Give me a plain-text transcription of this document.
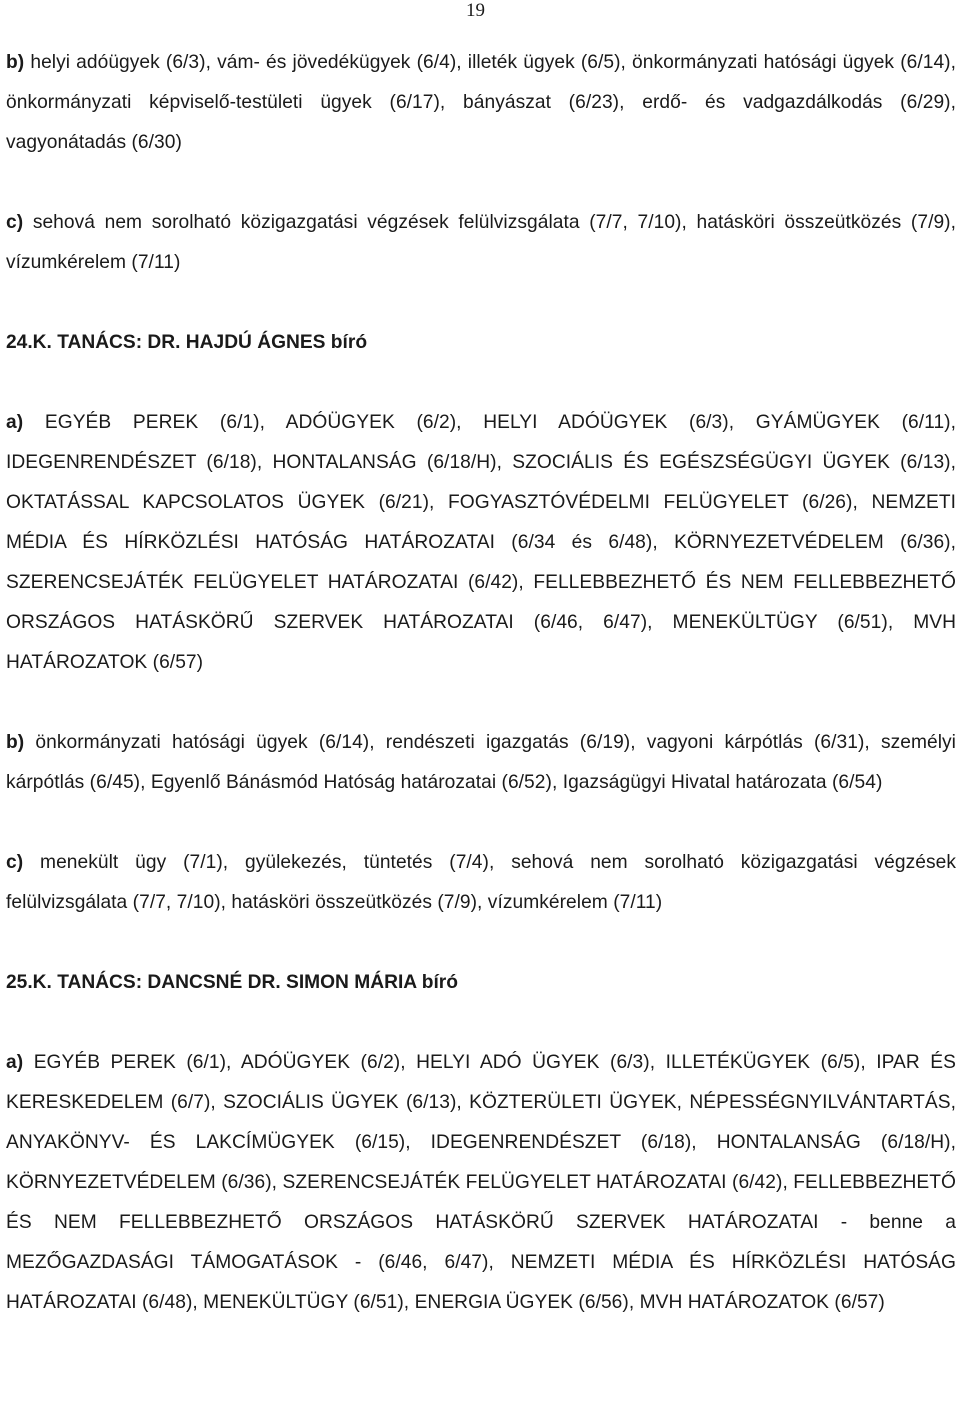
19

b) helyi adóügyek (6/3), vám- és jövedékügyek (6/4), illeték ügyek (6/5), önkormányzati hatósági ügyek (6/14), önkormányzati képviselő-testületi ügyek (6/17), bányászat (6/23), erdő- és vadgazdálkodás (6/29), vagyonátadás (6/30)

c) sehová nem sorolható közigazgatási végzések felülvizsgálata (7/7, 7/10), hatásköri összeütközés (7/9), vízumkérelem (7/11)

24.K. TANÁCS: DR. HAJDÚ ÁGNES bíró

a) EGYÉB PEREK (6/1), ADÓÜGYEK (6/2), HELYI ADÓÜGYEK (6/3), GYÁMÜGYEK (6/11), IDEGENRENDÉSZET (6/18), HONTALANSÁG (6/18/H), SZOCIÁLIS ÉS EGÉSZSÉGÜGYI ÜGYEK (6/13), OKTATÁSSAL KAPCSOLATOS ÜGYEK (6/21), FOGYASZTÓVÉDELMI FELÜGYELET (6/26), NEMZETI MÉDIA ÉS HÍRKÖZLÉSI HATÓSÁG HATÁROZATAI (6/34 és 6/48), KÖRNYEZETVÉDELEM (6/36), SZERENCSEJÁTÉK FELÜGYELET HATÁROZATAI (6/42), FELLEBBEZHETŐ ÉS NEM FELLEBBEZHETŐ ORSZÁGOS HATÁSKÖRŰ SZERVEK HATÁROZATAI (6/46, 6/47), MENEKÜLTÜGY (6/51), MVH HATÁROZATOK (6/57)

b) önkormányzati hatósági ügyek (6/14), rendészeti igazgatás (6/19), vagyoni kárpótlás (6/31), személyi kárpótlás (6/45), Egyenlő Bánásmód Hatóság határozatai (6/52), Igazságügyi Hivatal határozata (6/54)

c) menekült ügy (7/1), gyülekezés, tüntetés (7/4), sehová nem sorolható közigazgatási végzések felülvizsgálata (7/7, 7/10), hatásköri összeütközés (7/9), vízumkérelem (7/11)

25.K. TANÁCS: DANCSNÉ DR. SIMON MÁRIA bíró

a) EGYÉB PEREK (6/1), ADÓÜGYEK (6/2), HELYI ADÓ ÜGYEK (6/3), ILLETÉKÜGYEK (6/5), IPAR ÉS KERESKEDELEM (6/7), SZOCIÁLIS ÜGYEK (6/13), KÖZTERÜLETI ÜGYEK, NÉPESSÉGNYILVÁNTARTÁS, ANYAKÖNYV- ÉS LAKCÍMÜGYEK (6/15), IDEGENRENDÉSZET (6/18), HONTALANSÁG (6/18/H), KÖRNYEZETVÉDELEM (6/36), SZERENCSEJÁTÉK FELÜGYELET HATÁROZATAI (6/42), FELLEBBEZHETŐ ÉS NEM FELLEBBEZHETŐ ORSZÁGOS HATÁSKÖRŰ SZERVEK HATÁROZATAI - benne a MEZŐGAZDASÁGI TÁMOGATÁSOK - (6/46, 6/47), NEMZETI MÉDIA ÉS HÍRKÖZLÉSI HATÓSÁG HATÁROZATAI (6/48), MENEKÜLTÜGY (6/51), ENERGIA ÜGYEK (6/56), MVH HATÁROZATOK (6/57)
